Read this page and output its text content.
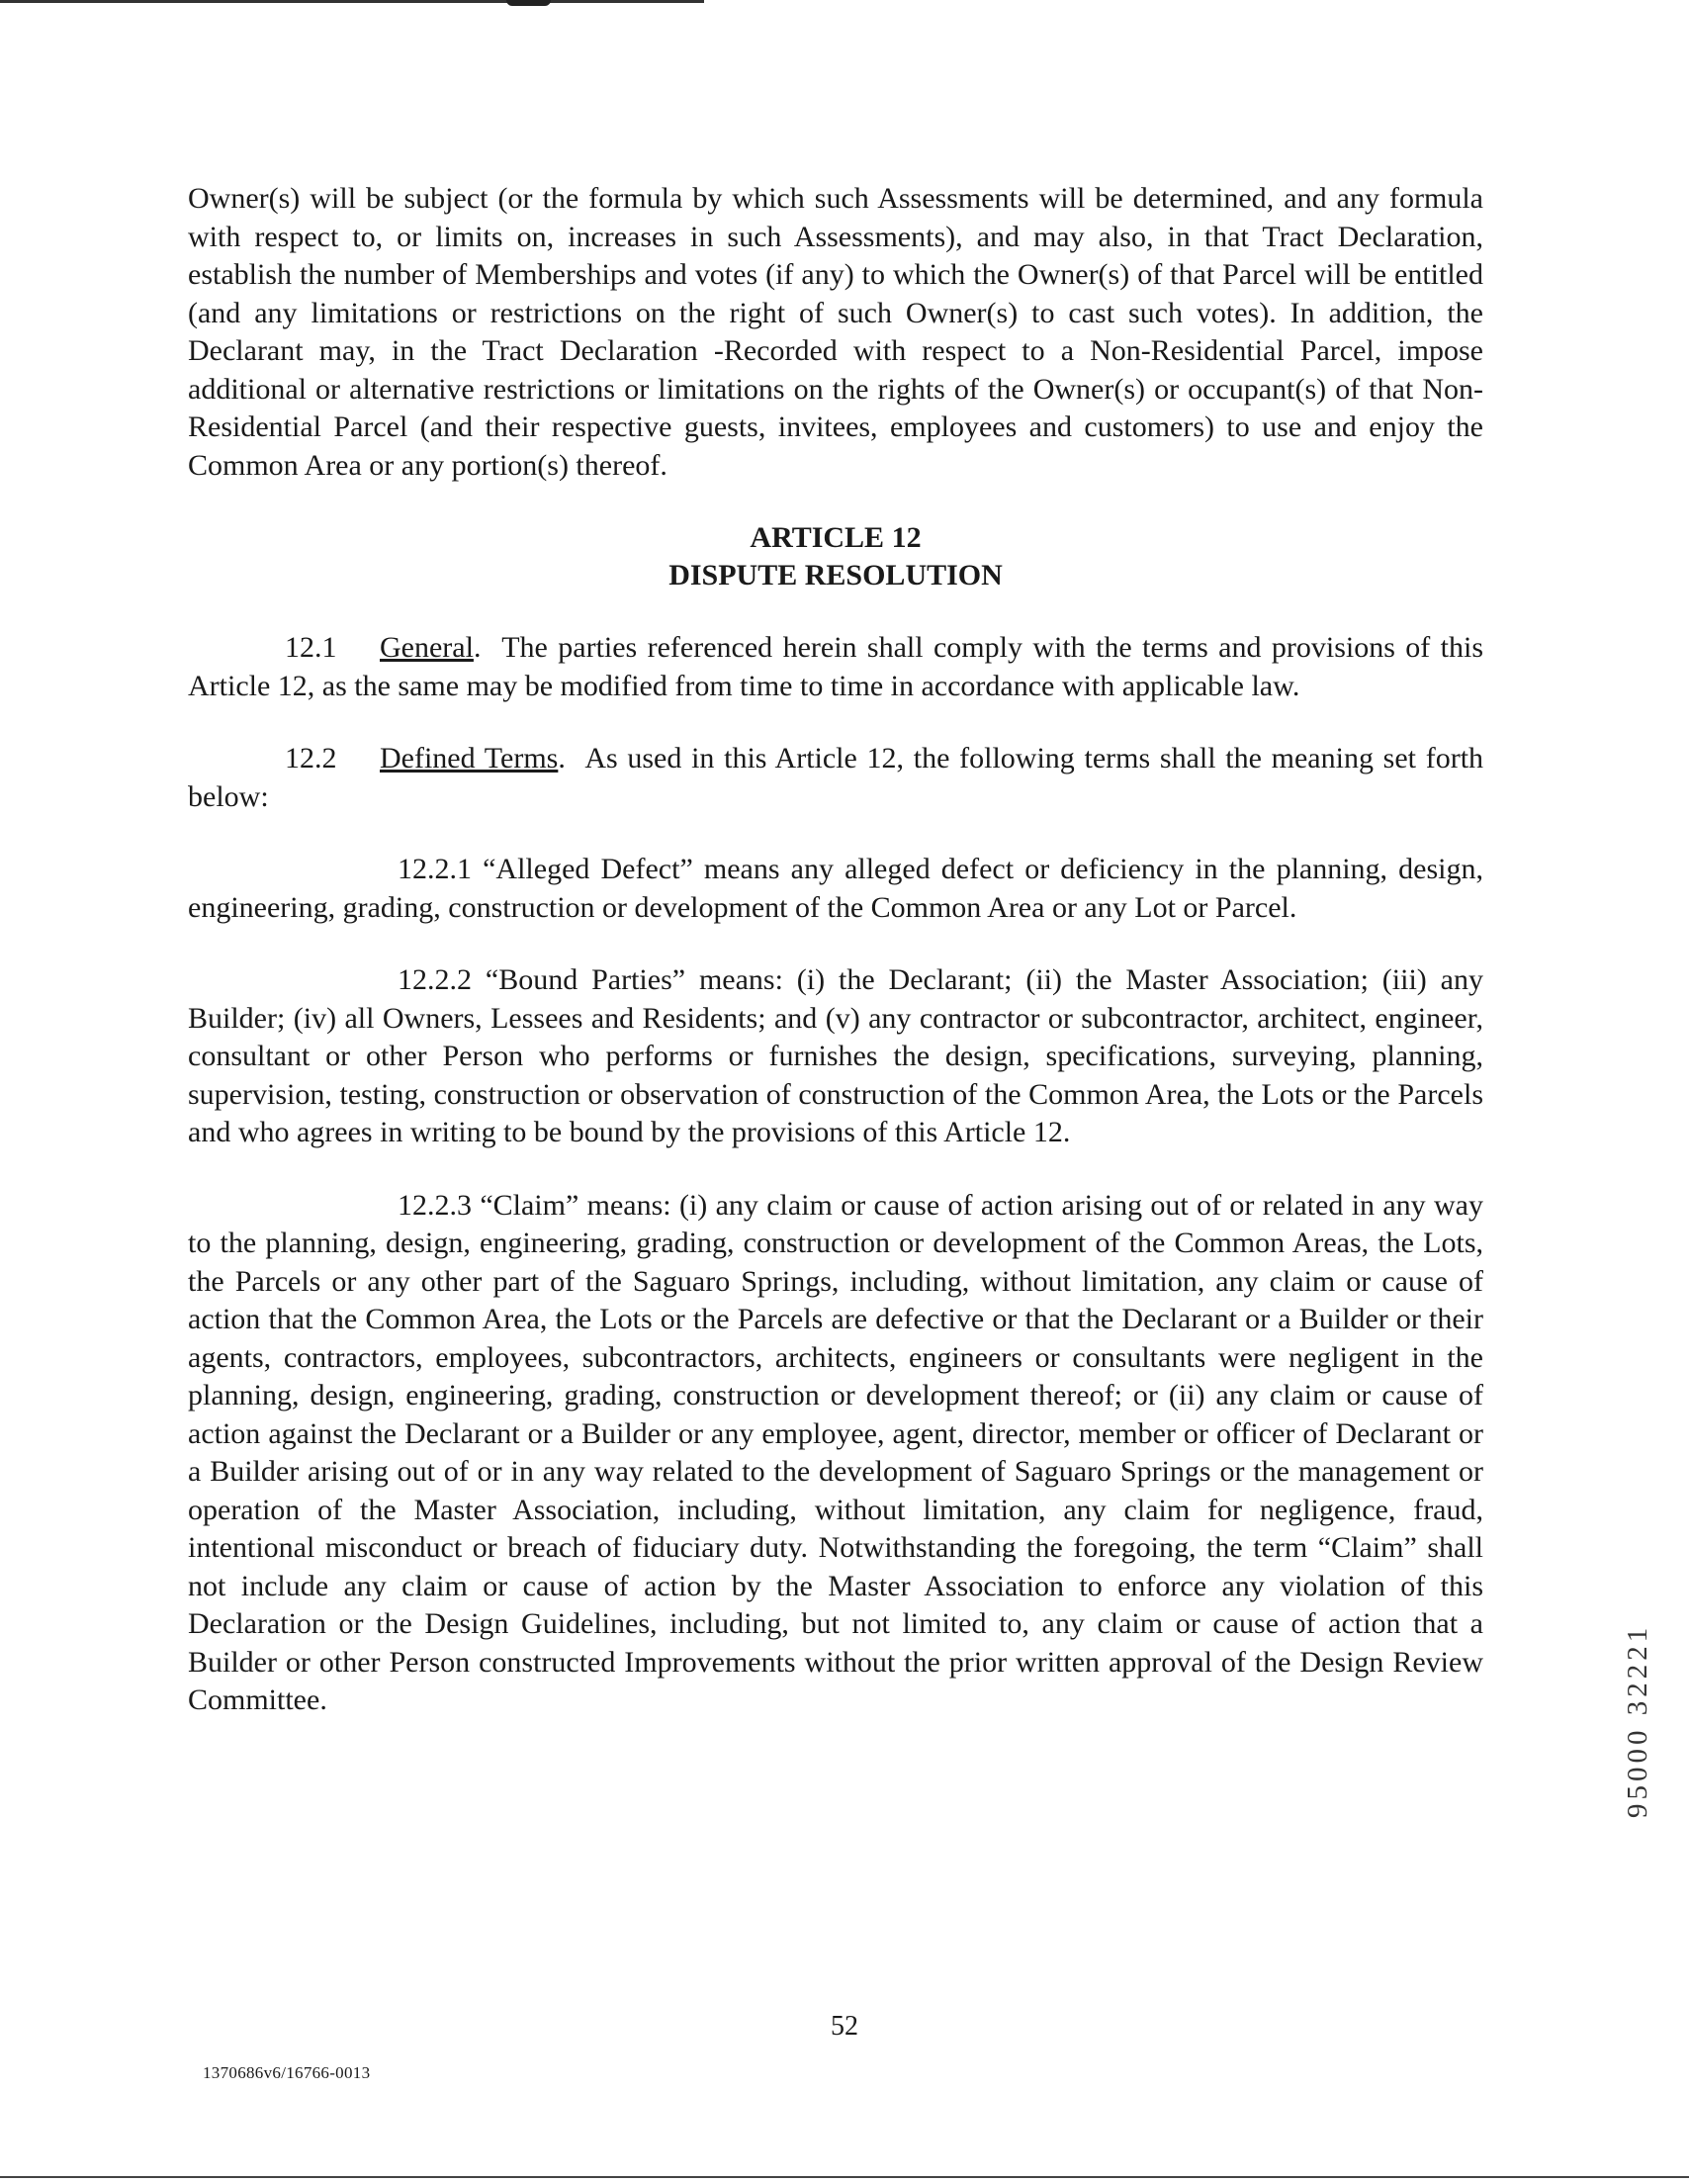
Owner(s) will be subject (or the formula by which such Assessments will be determined, and any formula with respect to, or limits on, increases in such Assessments), and may also, in that Tract Declaration, establish the number of Memberships and votes (if any) to which the Owner(s) of that Parcel will be entitled (and any limitations or restrictions on the right of such Owner(s) to cast such votes). In addition, the Declarant may, in the Tract Declaration -Recorded with respect to a Non-Residential Parcel, impose additional or alternative restrictions or limitations on the rights of the Owner(s) or occupant(s) of that Non-Residential Parcel (and their respective guests, invitees, employees and customers) to use and enjoy the Common Area or any portion(s) thereof.

ARTICLE 12
DISPUTE RESOLUTION

12.1 General.  The parties referenced herein shall comply with the terms and provisions of this Article 12, as the same may be modified from time to time in accordance with applicable law.

12.2 Defined Terms.  As used in this Article 12, the following terms shall the meaning set forth below:

12.2.1 “Alleged Defect” means any alleged defect or deficiency in the planning, design, engineering, grading, construction or development of the Common Area or any Lot or Parcel.

12.2.2 “Bound Parties” means: (i) the Declarant; (ii) the Master Association; (iii) any Builder; (iv) all Owners, Lessees and Residents; and (v) any contractor or subcontractor, architect, engineer, consultant or other Person who performs or furnishes the design, specifications, surveying, planning, supervision, testing, construction or observation of construction of the Common Area, the Lots or the Parcels and who agrees in writing to be bound by the provisions of this Article 12.

12.2.3 “Claim” means: (i) any claim or cause of action arising out of or related in any way to the planning, design, engineering, grading, construction or development of the Common Areas, the Lots, the Parcels or any other part of the Saguaro Springs, including, without limitation, any claim or cause of action that the Common Area, the Lots or the Parcels are defective or that the Declarant or a Builder or their agents, contractors, employees, subcontractors, architects, engineers or consultants were negligent in the planning, design, engineering, grading, construction or development thereof; or (ii) any claim or cause of action against the Declarant or a Builder or any employee, agent, director, member or officer of Declarant or a Builder arising out of or in any way related to the development of Saguaro Springs or the management or operation of the Master Association, including, without limitation, any claim for negligence, fraud, intentional misconduct or breach of fiduciary duty. Notwithstanding the foregoing, the term “Claim” shall not include any claim or cause of action by the Master Association to enforce any violation of this Declaration or the Design Guidelines, including, but not limited to, any claim or cause of action that a Builder or other Person constructed Improvements without the prior written approval of the Design Review Committee.	95000 32221
52
1370686v6/16766-0013
